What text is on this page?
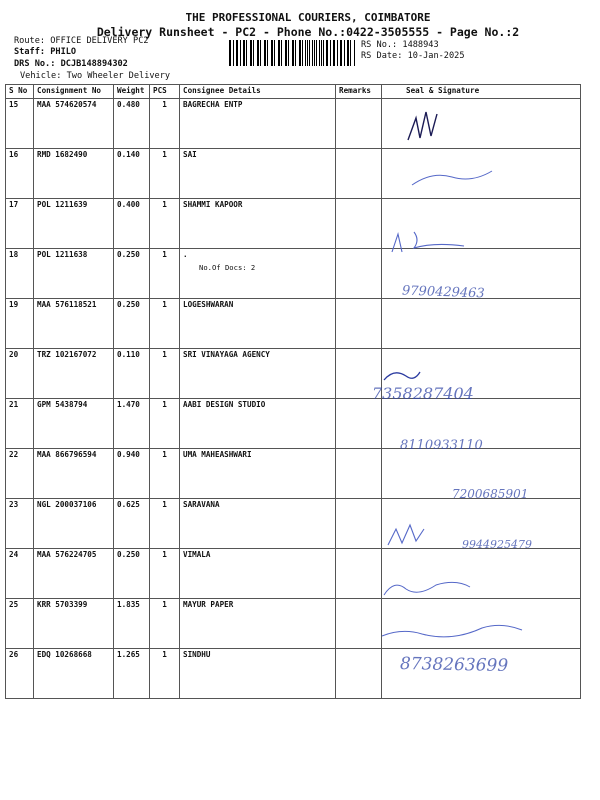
THE PROFESSIONAL COURIERS, COIMBATORE
Delivery Runsheet - PC2 - Phone No.:0422-3505555 - Page No.:2
Route: OFFICE DELIVERY PC2
Staff: PHILO
DRS No.: DCJB148894302
Vehicle: Two Wheeler Delivery
RS No.: 1488943
RS Date: 10-Jan-2025
S No	Consignment No	Weight	PCS	Consignee Details	Remarks	Seal & Signature
15	MAA 574620574	0.480	1	BAGRECHA ENTP		
16	RMD 1682490	0.140	1	SAI		
17	POL 1211639	0.400	1	SHAMMI KAPOOR		
18	POL 1211638	0.250	1	.
No.Of Docs: 2		

19	MAA 576118521	0.250	1	LOGESHWARAN		
20	TRZ 102167072	0.110	1	SRI VINAYAGA AGENCY		
21	GPM 5438794	1.470	1	AABI DESIGN STUDIO		
22	MAA 866796594	0.940	1	UMA MAHEASHWARI		
23	NGL 200037106	0.625	1	SARAVANA		
24	MAA 576224705	0.250	1	VIMALA		
25	KRR 5703399	1.835	1	MAYUR PAPER		
26	EDQ 10268668	1.265	1	SINDHU		
9790429463
7358287404
8110933110
7200685901
9944925479
8738263699
